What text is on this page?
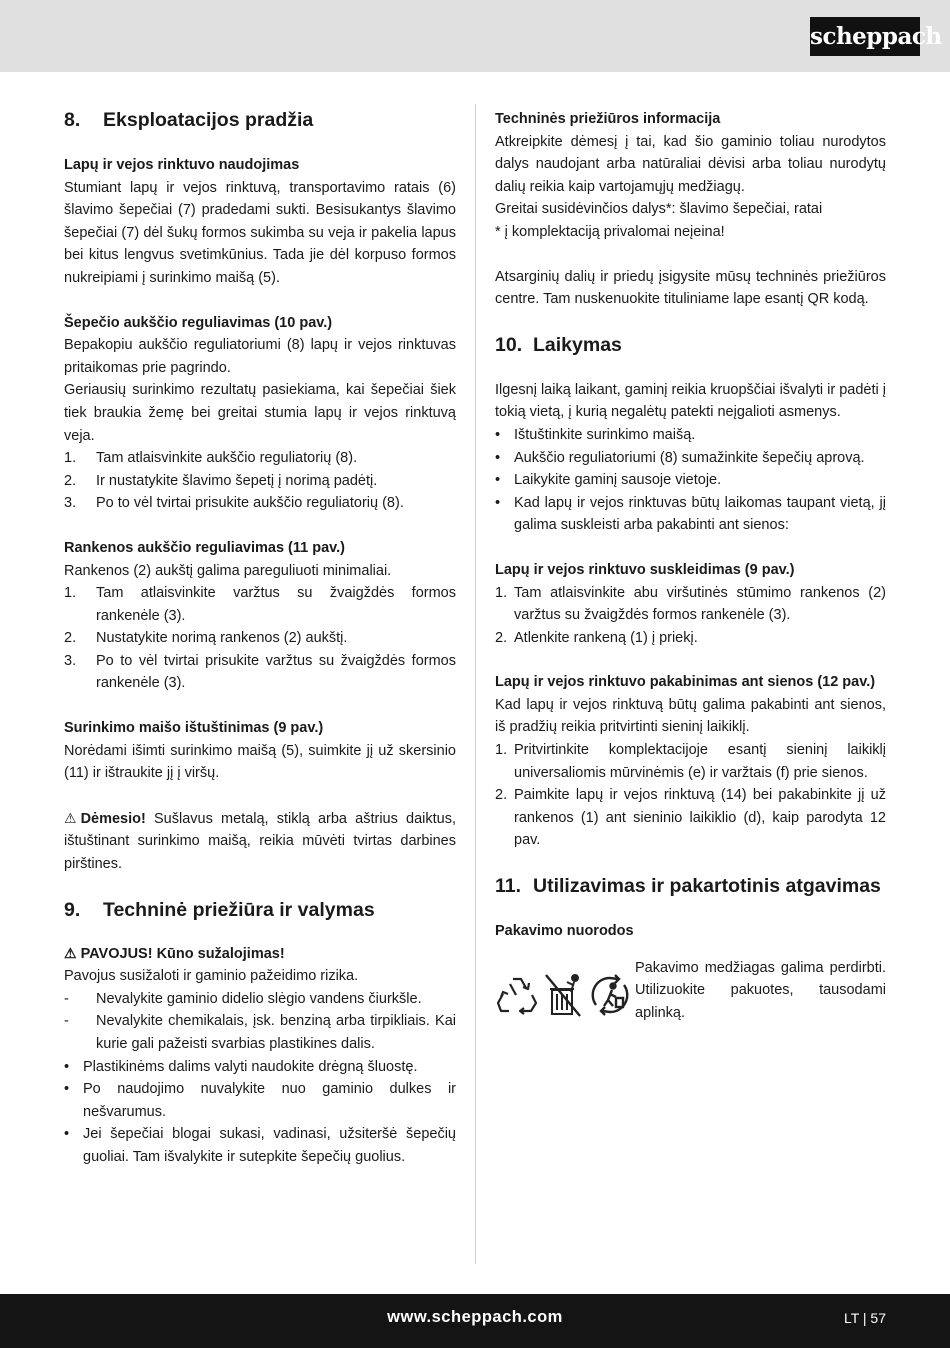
scheppach
8.	Eksploatacijos pradžia
Lapų ir vejos rinktuvo naudojimas

Stumiant lapų ir vejos rinktuvą, transportavimo ratais (6) šlavimo šepečiai (7) pradedami sukti. Besisukantys šlavimo šepečiai (7) dėl šukų formos sukimba su veja ir pakelia lapus bei kitus lengvus svetimkūnius. Tada jie dėl korpuso formos nukreipiami į surinkimo maišą (5).

Šepečio aukščio reguliavimas (10 pav.)

Bepakopiu aukščio reguliatoriumi (8) lapų ir vejos rinktuvas pritaikomas prie pagrindo.

Geriausių surinkimo rezultatų pasiekiama, kai šepečiai šiek tiek braukia žemę bei greitai stumia lapų ir vejos rinktuvą veja.

1.	Tam atlaisvinkite aukščio reguliatorių (8).
2.	Ir nustatykite šlavimo šepetį į norimą padėtį.
3.	Po to vėl tvirtai prisukite aukščio reguliatorių (8).
Rankenos aukščio reguliavimas (11 pav.)

Rankenos (2) aukštį galima pareguliuoti minimaliai.

1.	Tam atlaisvinkite varžtus su žvaigždės formos rankenėle (3).
2.	Nustatykite norimą rankenos (2) aukštį.
3.	Po to vėl tvirtai prisukite varžtus su žvaigždės formos rankenėle (3).
Surinkimo maišo ištuštinimas (9 pav.)

Norėdami išimti surinkimo maišą (5), suimkite jį už skersinio (11) ir ištraukite jį į viršų.

⚠ Dėmesio! Sušlavus metalą, stiklą arba aštrius daiktus, ištuštinant surinkimo maišą, reikia mūvėti tvirtas darbines pirštines.

9.	Techninė priežiūra ir valymas
⚠ PAVOJUS! Kūno sužalojimas!

Pavojus susižaloti ir gaminio pažeidimo rizika.

-	Nevalykite gaminio didelio slėgio vandens čiurkšle.
-	Nevalykite chemikalais, įsk. benziną arba tirpikliais. Kai kurie gali pažeisti svarbias plastikines dalis.
• Plastikinėms dalims valyti naudokite drėgną šluostę.
• Po naudojimo nuvalykite nuo gaminio dulkes ir nešvarumus.
• Jei šepečiai blogai sukasi, vadinasi, užsiteršė šepečių guoliai. Tam išvalykite ir sutepkite šepečių guolius.
Techninės priežiūros informacija

Atkreipkite dėmesį į tai, kad šio gaminio toliau nurodytos dalys naudojant arba natūraliai dėvisi arba toliau nurodytų dalių reikia kaip vartojamųjų medžiagų.

Greitai susidėvinčios dalys*: šlavimo šepečiai, ratai

* į komplektaciją privalomai neįeina!

Atsarginių dalių ir priedų įsigysite mūsų techninės priežiūros centre. Tam nuskenuokite tituliniame lape esantį QR kodą.

10. Laikymas

Ilgesnį laiką laikant, gaminį reikia kruopščiai išvalyti ir padėti į tokią vietą, į kurią negalėtų patekti neįgalioti asmenys.

• Ištuštinkite surinkimo maišą.
• Aukščio reguliatoriumi (8) sumažinkite šepečių aprovą.
• Laikykite gaminį sausoje vietoje.
• Kad lapų ir vejos rinktuvas būtų laikomas taupant vietą, jį galima suskleisti arba pakabinti ant sienos:
Lapų ir vejos rinktuvo suskleidimas (9 pav.)
1. Tam atlaisvinkite abu viršutinės stūmimo rankenos (2) varžtus su žvaigždės formos rankenėle (3).
2. Atlenkite rankeną (1) į priekį.
Lapų ir vejos rinktuvo pakabinimas ant sienos (12 pav.)

Kad lapų ir vejos rinktuvą būtų galima pakabinti ant sienos, iš pradžių reikia pritvirtinti sieninį laikiklį.

1. Pritvirtinkite komplektacijoje esantį sieninį laikiklį universaliomis mūrvinėmis (e) ir varžtais (f) prie sienos.
2. Paimkite lapų ir vejos rinktuvą (14) bei pakabinkite jį už rankenos (1) ant sieninio laikiklio (d), kaip parodyta 12 pav.
11. Utilizavimas ir pakartotinis atgavimas
Pakavimo nuorodos

Pakavimo medžiagas galima perdirbti. Utilizuokite pakuotes, tausodami aplinką.

www.scheppach.com	LT | 57
